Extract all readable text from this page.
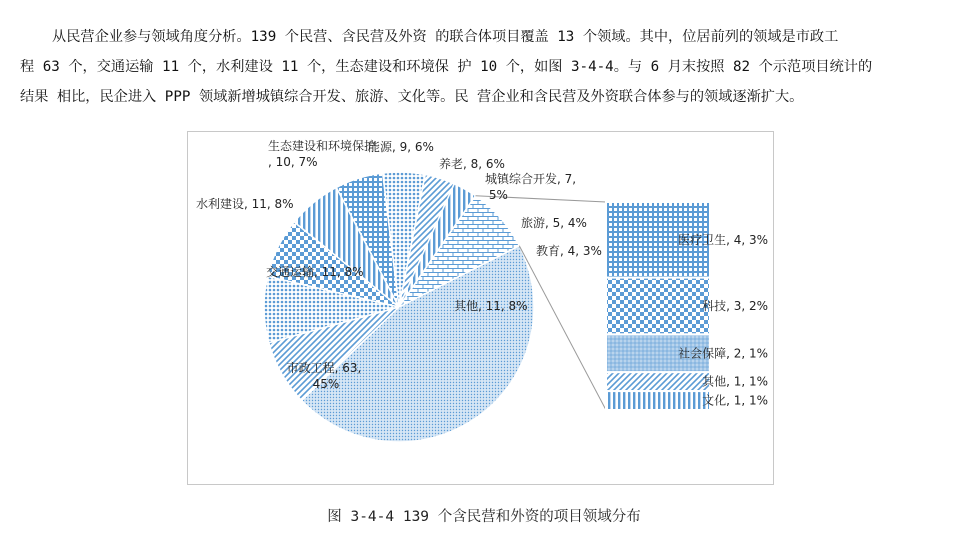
从民营企业参与领域角度分析。139 个民营、含民营及外资 的联合体项目覆盖 13 个领域。其中，位居前列的领域是市政工
程 63 个，交通运输 11 个，水利建设 11 个，生态建设和环境保 护 10 个，如图 3-4-4。与 6 月末按照 82 个示范项目统计的
结果 相比，民企进入 PPP 领域新增城镇综合开发、旅游、文化等。民 营企业和含民营及外资联合体参与的领域逐渐扩大。
市政工程, 63, 45%
交通运输, 11, 8%
水利建设, 11, 8%
生态建设和环境保护, 10, 7%
能源, 9, 6%
养老, 8, 6%
城镇综合开发, 7, 5%
旅游, 5, 4%
教育, 4, 3%
其他, 11, 8%
医疗卫生, 4, 3%
科技, 3, 2%
社会保障, 2, 1%
其他, 1, 1%
文化, 1, 1%
图 3-4-4 139 个含民营和外资的项目领域分布
